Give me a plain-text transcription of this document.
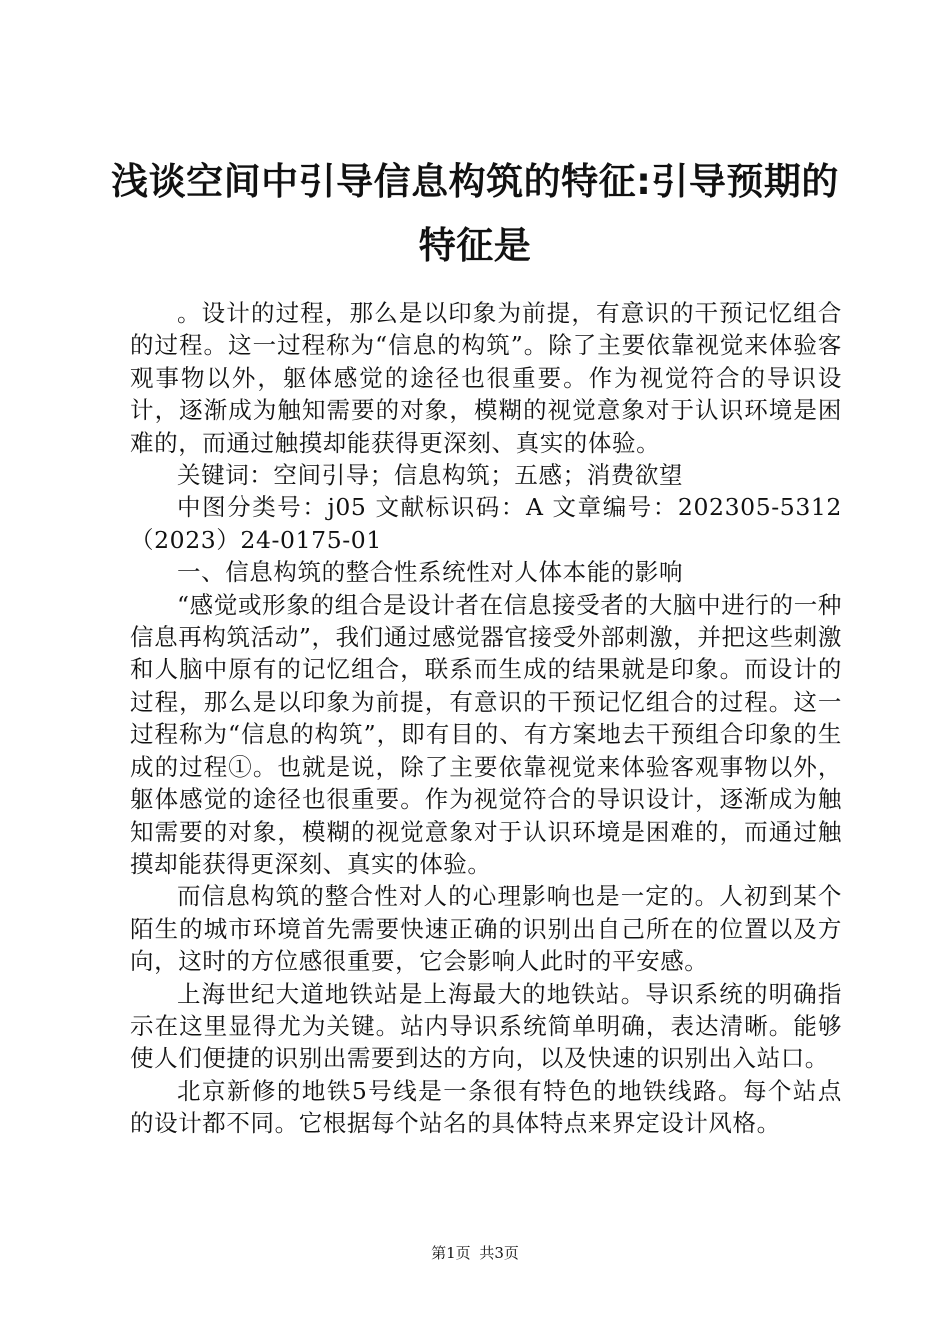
浅谈空间中引导信息构筑的特征:引导预期的特征是

。设计的过程，那么是以印象为前提，有意识的干预记忆组合的过程。这一过程称为“信息的构筑”。除了主要依靠视觉来体验客观事物以外，躯体感觉的途径也很重要。作为视觉符合的导识设计，逐渐成为触知需要的对象，模糊的视觉意象对于认识环境是困难的，而通过触摸却能获得更深刻、真实的体验。

关键词：空间引导；信息构筑；五感；消费欲望

中图分类号：j05 文献标识码：A 文章编号：202305-5312（2023）24-0175-01

一、信息构筑的整合性系统性对人体本能的影响

“感觉或形象的组合是设计者在信息接受者的大脑中进行的一种信息再构筑活动”，我们通过感觉器官接受外部刺激，并把这些刺激和人脑中原有的记忆组合，联系而生成的结果就是印象。而设计的过程，那么是以印象为前提，有意识的干预记忆组合的过程。这一过程称为“信息的构筑”，即有目的、有方案地去干预组合印象的生成的过程①。也就是说，除了主要依靠视觉来体验客观事物以外，躯体感觉的途径也很重要。作为视觉符合的导识设计，逐渐成为触知需要的对象，模糊的视觉意象对于认识环境是困难的，而通过触摸却能获得更深刻、真实的体验。

而信息构筑的整合性对人的心理影响也是一定的。人初到某个陌生的城市环境首先需要快速正确的识别出自己所在的位置以及方向，这时的方位感很重要，它会影响人此时的平安感。

上海世纪大道地铁站是上海最大的地铁站。导识系统的明确指示在这里显得尤为关键。站内导识系统简单明确，表达清晰。能够使人们便捷的识别出需要到达的方向，以及快速的识别出入站口。

北京新修的地铁5号线是一条很有特色的地铁线路。每个站点的设计都不同。它根据每个站名的具体特点来界定设计风格。

第1页 共3页
